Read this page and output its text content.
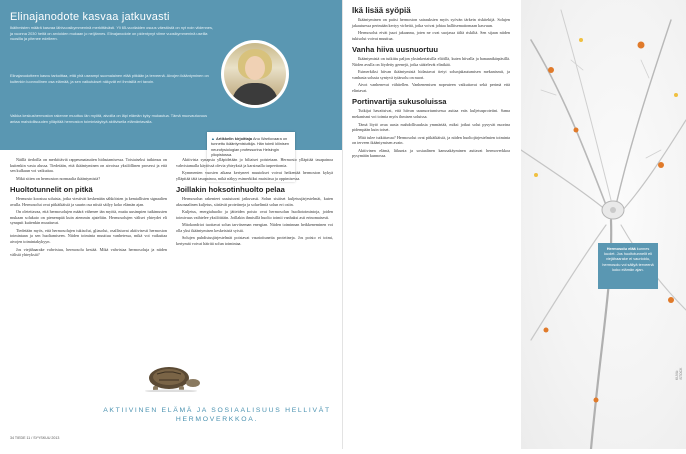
Elinajanodote kasvaa jatkuvasti
Ikäihmisten määrä kasvaa lähivuosikymmeninä merkittävästi. Yli 65-vuotiaiden osuus väestöstä on nyt noin viidennes, ja vuonna 2030 heitä on arvioiden mukaan jo neljännes. Elinajanodote on pidentynyt viime vuosikymmeninä useilla vuosilla ja pitenee edelleen.
Elinajanodotteen kasvu tarkoittaa, että yhä useampi suomalainen elää pitkään ja terveenä. Aivojen ikääntyminen on kuitenkin luonnollinen osa elämää, ja sen vaikutukset näkyvät eri ihmisillä eri tavoin.
Vaikka keskushermoston rakenne muuttuu iän myötä, aivoilla on läpi elämän kyky mukautua. Tämä muovautuvuus antaa mahdollisuuden ylläpitää hermoston toimintakykyä aktiivisella elämäntavalla.
▲ Artikkelin kirjoittaja Anu Wartiovaara on tunnettu ikääntymistutkija. Hän toimii kliinisen neurofysiologian professorina Helsingin yliopistossa.

Näillä tiedoilla on merkittäviä rappeumatautien hidastamisessa. Toistaiseksi tutkimus on kuitenkin vasta alussa. Tiedetään, että ikääntyminen on aivoissa yksilöllinen prosessi ja että sen kulkuun voi vaikuttaa.

Mikä sitten on hermoston normaalia ikääntymistä?

Huoltotunnelit on pitkä

Hermosto koostuu soluista, jotka viestivät keskenään sähköisten ja kemiallisten signaalien avulla. Hermosolut ovat pitkäikäisiä ja suurin osa niistä säilyy koko elämän ajan.

On oletettavaa, että hermosolujen määrä vähenee iän myötä, mutta uusimpien tutkimusten mukaan solukato on pienempää kuin aiemmin ajateltiin. Hermosolujen väliset yhteydet eli synapsit kuitenkin muuttuvat.

Tiedetään myös, että hermosolujen tukisolut, gliasolut, osallistuvat aktiivisesti hermoston toimintaan ja sen huoltamiseen. Niiden toiminta muuttuu vanhetessa, mikä voi vaikuttaa aivojen toimintakykyyn.

Jos viejähaarake vahvistuu, hermosolu kestää. Mikä vahvistaa hermosoluja ja niiden välisiä yhteyksiä?

Aktiivista synapsia ylläpidetään jo biliaiset poistetaan. Hermosto ylläpitää tasapainoa vahvistamalla käytössä olevia yhteyksiä ja karsimalla tarpeettomia.

Kymmenien vuosien aikana kertyneet muutokset voivat heikentää hermoston kykyä ylläpitää tätä tasapainoa, mikä näkyy esimerkiksi muistissa ja oppimisessa.

Joillakin hoksotinhuolto pelaa

Hermosolun rakenteet uusiutuvat jatkuvasti. Solun sisäiset kuljetusjärjestelmät, kuten aksonaalinen kuljetus, siirtävät proteiineja ja soluelimiä solun eri osiin.

Kuljetus, energiahuolto ja jätteiden poisto ovat hermosolun huoltotoimintoja, joiden toimivuus vaihtelee yksilöittäin. Joillakin ihmisillä huolto toimii vanhaksi asti erinomaisesti.

Mitokondriot tuottavat solun tarvitseman energian. Niiden toiminnan heikkeneminen voi olla yksi ikääntymisen keskeisistä syistä.

Solujen puhdistusjärjestelmät poistavat vaurioituneita proteiineja. Jos poisto ei toimi, kertymät voivat häiritä solun toimintaa.

AKTIIVINEN ELÄMÄ JA SOSIAALISUUS HELLIVÄT HERMOVERKKOA.
34 TIEDE 11 / SYYSKUU 2013
Ikä lisää syöpiä

Ikääntyminen on paitsi hermoston sairauksien myös syövän tärkein riskitekijä. Solujen jakautuessa perimään kertyy virheitä, jotka voivat johtaa hallitsemattomaan kasvuun.

Hermosolut eivät juuri jakaannu, joten ne ovat suojassa tältä riskiltä. Sen sijaan niiden tukisolut voivat muuttua.

Vanha hiiva uusnuortuu

Ikääntymistä on tutkittu paljon yksinkertaisilla eliöillä, kuten hiivalla ja banaanikärpäsillä. Niiden avulla on löydetty geenejä, jotka säätelevät elinikää.

Esimerkiksi hiivan ikääntymistä hidastavat tietyt solunjakautumisen mekanismit, ja vanhasta solusta syntyvä tytärsolu on nuori.

Aivot vanhenevat vähitellen. Vanhenemisen nopeuteen vaikuttavat sekä perimä että elintavat.

Portinvartija sukusoluissa

Tutkijat havaitsivat, että hiivan uusnuortumisessa auttaa eräs kuljetusproteiini. Sama mekanismi voi toimia myös ihmisen soluissa.

Tämä löytö avaa uusia mahdollisuuksia ymmärtää, miksi jotkut solut pysyvät nuorina pidempään kuin toiset.

Mitä tulee tutkittavaa? Hermosolut ovat pitkäikäisiä, ja niiden huoltojärjestelmien toiminta on terveen ikääntymisen avain.

Aktiivinen elämä, liikunta ja sosiaalinen kanssakäyminen auttavat hermoverkkoa pysymään kunnossa.

Hermosolu elää kunnes kuolet. Jos huoltotunnelit eli viejähaarake ei vaurioidu, hermosolu voi säilyä terveenä koko elämän ajan.
KUVA: iSTOCK
